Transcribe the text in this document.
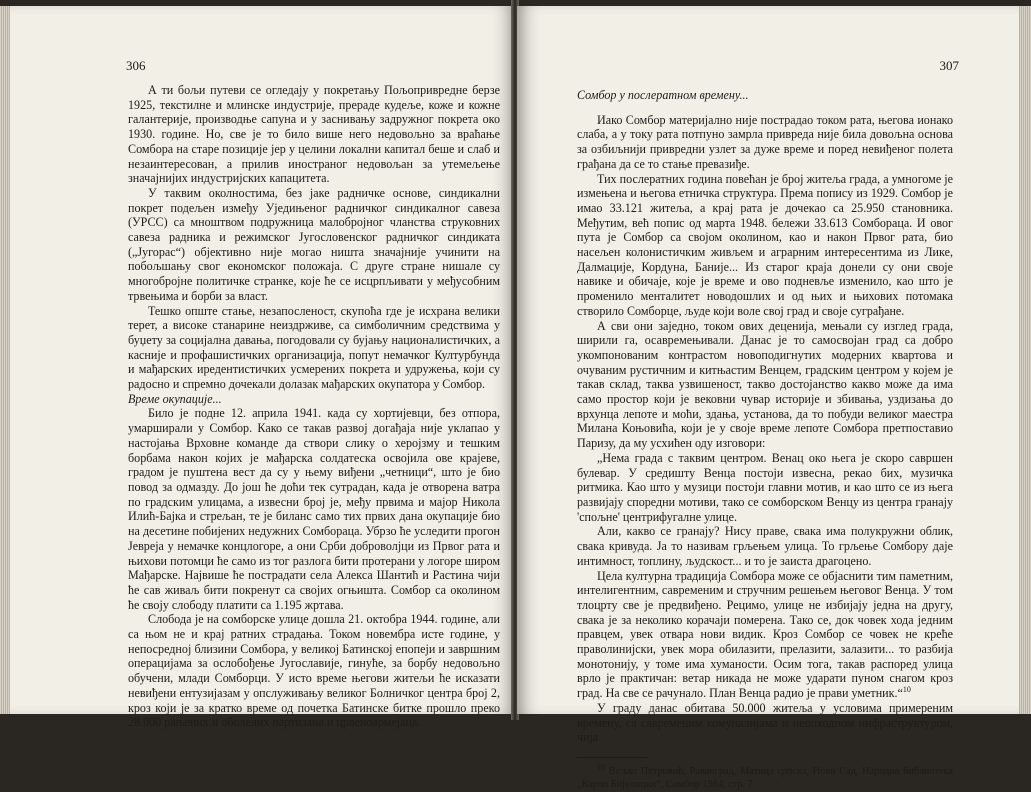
306

А ти бољи путеви се огледају у покретању Пољопривредне берзе 1925, текстилне и млинске индустрије, прераде кудеље, коже и кожне галантерије, производње сапуна и у заснивању задружног покрета око 1930. године. Но, све је то било више него недовољно за враћање Сомбора на старе позиције јер у целини локални капитал беше и слаб и незаинтересован, а прилив иностраног недовољан за утемељење значајнијих индустријских капацитета.

У таквим околностима, без јаке радничке основе, синдикални покрет подељен између Уједињеног радничког синдикалног савеза (УРСС) са мноштвом подружница малобројног чланства струковних савеза радника и режимског Југословенског радничког синдиката („Југорас“) објективно није могао ништа значајније учинити на побољшању свог економског положаја. С друге стране нишале су многобројне политичке странке, које ће се исцрпљивати у међусобним трвењима и борби за власт.

Тешко опште стање, незапосленост, скупоћа где је исхрана велики терет, а високе станарине неиздрживе, са симболичним средствима у буџету за социјална давања, погодовали су бујању националистичких, а касније и профашистичких организација, попут немачког Културбунда и мађарских иредентистичких усмерених покрета и удружења, који су радосно и спремно дочекали долазак мађарских окупатора у Сомбор.

Време окупације...

Било је подне 12. априла 1941. када су хортијевци, без отпора, умарширали у Сомбор. Како се такав развој догађаја није уклапао у настојања Врховне команде да створи слику о херојзму и тешким борбама након којих је мађарска солдатеска освојила ове крајеве, градом је пуштена вест да су у њему виђени „четници“, што је био повод за одмазду. До још ће доћи тек сутрадан, када је отворена ватра по градским улицама, а извесни број је, међу првима и мајор Никола Илић-Бајка и стрељан, те је биланс само тих првих дана окупације био на десетине побијених недужних Сомбораца. Убрзо ће уследити прогон Јевреја у немачке концлогоре, а они Срби доброволјци из Првог рата и њихови потомци ће само из тог разлога бити протерани у логоре широм Мађарске. Највише ће пострадати села Алекса Шантић и Растина чији ће сав живаљ бити покренут са својих огњишта. Сомбор са околином ће своју слободу платити са 1.195 жртава.

Слобода је на сомборске улице дошла 21. октобра 1944. године, али са њом не и крај ратних страдања. Током новембра исте године, у непосредној близини Сомбора, у великој Батинској епопеји и завршним операцијама за ослобођење Југославије, гинуће, за борбу недовољно обучени, млади Сомборци. У исто време његови житељи ће исказати невиђени ентузијазам у опслуживању великог Болничког центра број 2, кроз који је за кратко време од почетка Батинске битке прошло преко 28.000 рањених и оболелих партизана и црвеноармејаца.

307

Сомбор у послератном времену...

Иако Сомбор материјално није пострадао током рата, његова ионако слаба, а у току рата потпуно замрла привреда није била довољна основа за озбиљнији привредни узлет за дуже време и поред невиђеног полета грађана да се то стање превазиђе.

Тих послератних година повећан је број житеља града, а умногоме је измењена и његова етничка структура. Према попису из 1929. Сомбор је имао 33.121 житеља, а крај рата је дочекао са 25.950 становника. Међутим, већ попис од марта 1948. бележи 33.613 Сомбораца. И овог пута је Сомбор са својом околином, као и након Првог рата, био насељен колонистичким живљем и аграрним интересентима из Лике, Далмације, Кордуна, Баније... Из старог краја донели су они своје навике и обичаје, које је време и ово подневље изменило, као што је променило менталитет новодошлих и од њих и њихових потомака створило Сомборце, људе који воле свој град и своје суграђане.

А сви они заједно, током ових деценија, мењали су изглед града, ширили га, осавремењивали. Данас је то самосвојан град са добро укомпонованим контрастом новоподигнутих модерних квартова и очуваним рустичним и китњастим Венцем, градским центром у којем је такав склад, таква узвишеност, такво достојанство какво може да има само простор који је вековни чувар историје и збивања, уздизања до врхунца лепоте и моћи, здања, установа, да то побуди великог маестра Милана Коњовића, који је у своје време лепоте Сомбора претпоставио Паризу, да му усхићен оду изговори:

„Нема града с таквим центром. Венац око њега је скоро савршен булевар. У средишту Венца постоји извесна, рекао бих, музичка ритмика. Као што у музици постоји главни мотив, и као што се из њега развијају споредни мотиви, тако се сомборском Венцу из центра гранају 'спољне' центрифугалне улице.

Али, какво се гранају? Нису праве, свака има полукружни облик, свака кривуда. Ја то називам грљењем улица. То грљење Сомбору даје интимност, топлину, људскост... и то је заиста драгоцено.

Цела културна традиција Сомбора може се објаснити тим паметним, интелигентним, савременим и стручним решењем његовог Венца. У том тлоцрту све је предвиђено. Рецимо, улице не избијају једна на другу, свака је за неколико корачаји померена. Тако се, док човек хода једним правцем, увек отвара нови видик. Кроз Сомбор се човек не креће праволинијски, увек мора обилазити, прелазити, залазити... то разбија монотонију, у томе има хуманости. Осим тога, такав распоред улица врло је практичан: ветар никада не може ударати пуном снагом кроз град. На све се рачунало. План Венца радио је прави уметник.“$^{10}$

У граду данас обитава 50.000 житеља у условима примереним времену, са савременим комуналијама и неопходном инфраструктуром, чија

$^{10}$ Вељко Петровић, Раванград, Матица српска, Нови Сад, Народна библиотека „Карло Бијелицки“, Сомбор 1984, стр. 7.
